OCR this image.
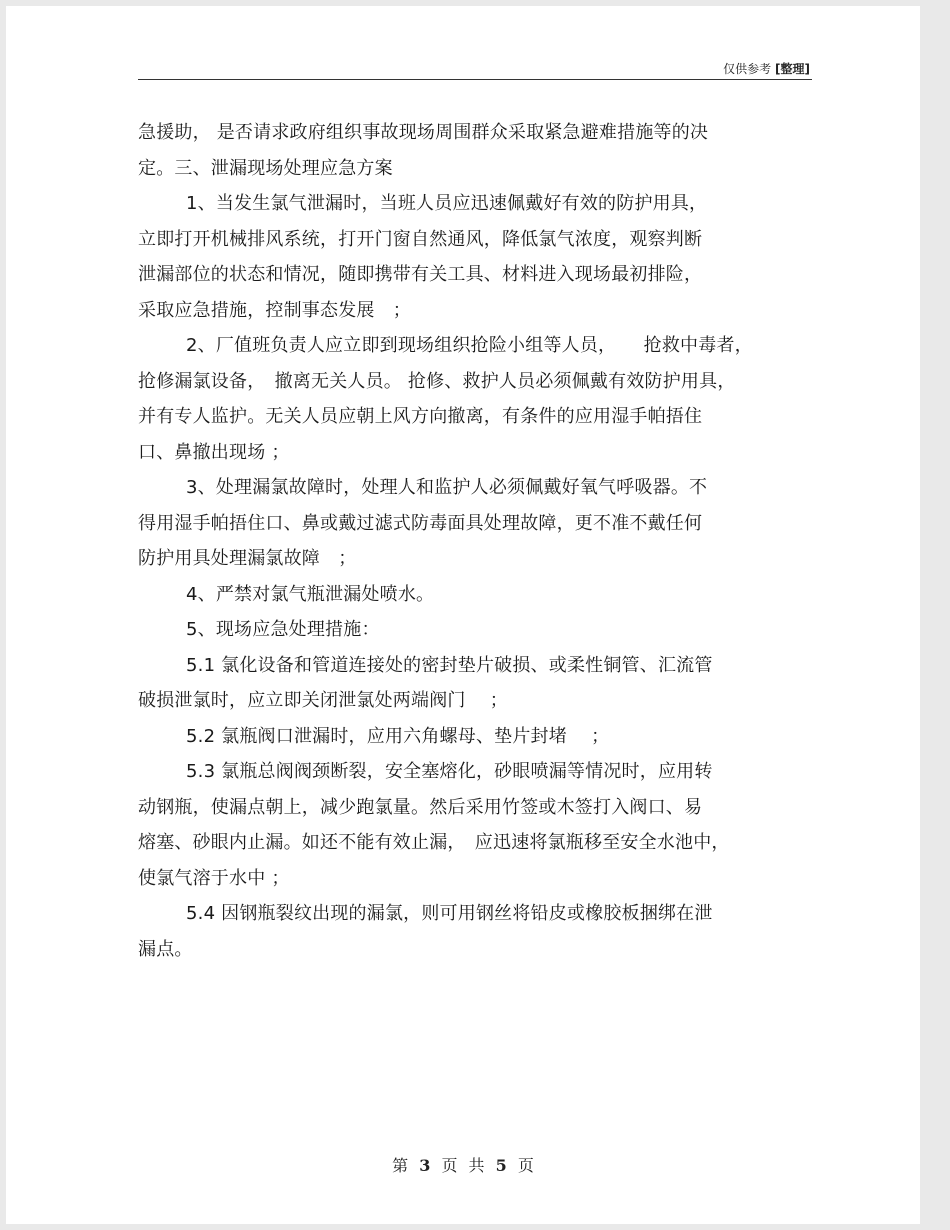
仅供参考 [整理]
急援助， 是否请求政府组织事故现场周围群众采取紧急避难措施等的决
定。三、泄漏现场处理应急方案
1、当发生氯气泄漏时，当班人员应迅速佩戴好有效的防护用具，
立即打开机械排风系统，打开门窗自然通风，降低氯气浓度，观察判断
泄漏部位的状态和情况，随即携带有关工具、材料进入现场最初排险，
采取应急措施，控制事态发展　；
2、厂值班负责人应立即到现场组织抢险小组等人员，　　抢救中毒者，
抢修漏氯设备，　撤离无关人员。 抢修、救护人员必须佩戴有效防护用具，
并有专人监护。无关人员应朝上风方向撤离，有条件的应用湿手帕捂住
口、鼻撤出现场 ；
3、处理漏氯故障时，处理人和监护人必须佩戴好氧气呼吸器。不
得用湿手帕捂住口、鼻或戴过滤式防毒面具处理故障，更不准不戴任何
防护用具处理漏氯故障　；
4、严禁对氯气瓶泄漏处喷水。
5、现场应急处理措施：
5.1 氯化设备和管道连接处的密封垫片破损、或柔性铜管、汇流管
破损泄氯时，应立即关闭泄氯处两端阀门　 ；
5.2 氯瓶阀口泄漏时，应用六角螺母、垫片封堵　 ；
5.3 氯瓶总阀阀颈断裂，安全塞熔化，砂眼喷漏等情况时，应用转
动钢瓶，使漏点朝上，减少跑氯量。然后采用竹签或木签打入阀口、易
熔塞、砂眼内止漏。如还不能有效止漏，　应迅速将氯瓶移至安全水池中，
使氯气溶于水中 ；
5.4 因钢瓶裂纹出现的漏氯，则可用钢丝将铅皮或橡胶板捆绑在泄
漏点。
第 3 页 共 5 页
